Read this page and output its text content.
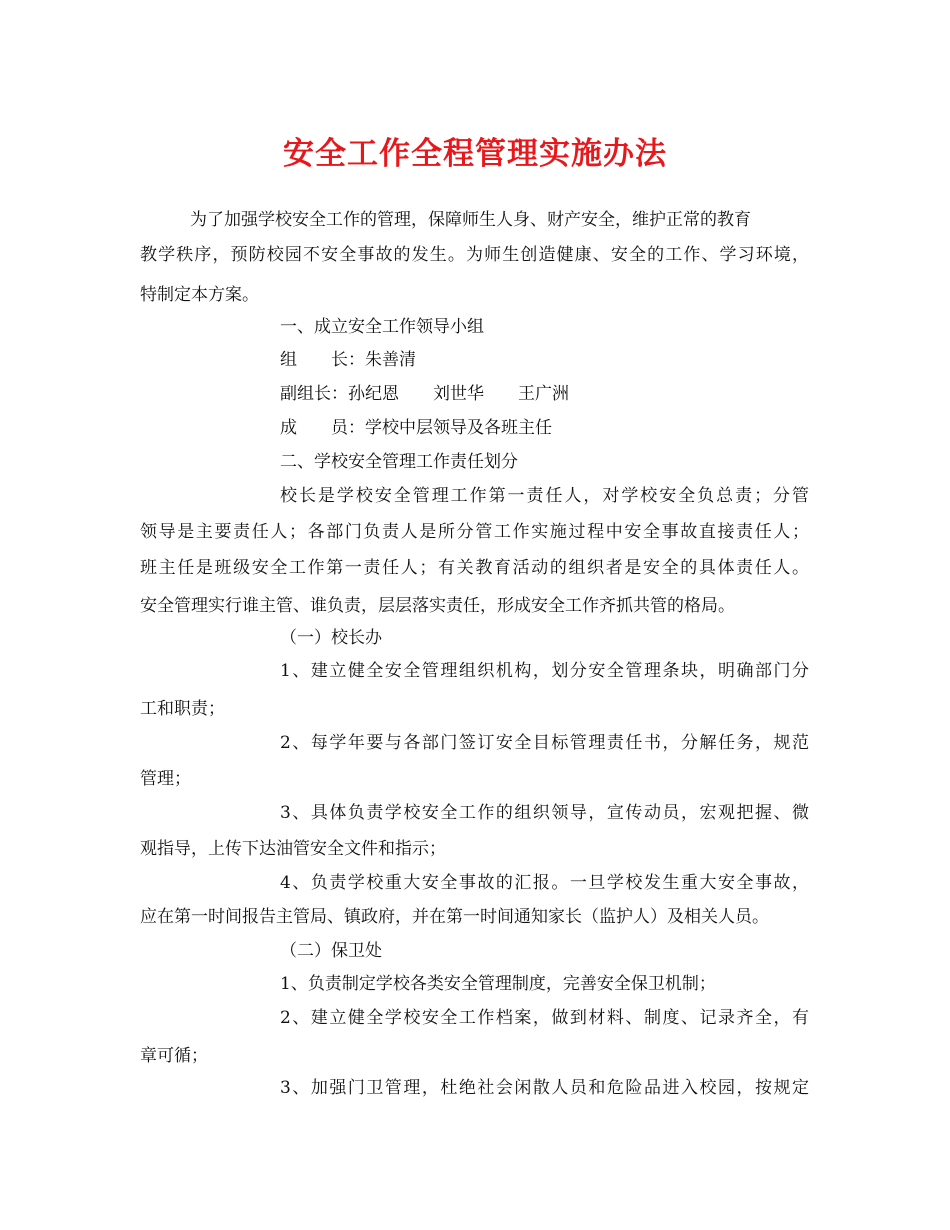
安全工作全程管理实施办法
为了加强学校安全工作的管理，保障师生人身、财产安全，维护正常的教育
教学秩序，预防校园不安全事故的发生。为师生创造健康、安全的工作、学习环境，
特制定本方案。
一、成立安全工作领导小组
组　　长：朱善清
副组长：孙纪恩　　刘世华　　王广洲
成　　员：学校中层领导及各班主任
二、学校安全管理工作责任划分
校长是学校安全管理工作第一责任人，对学校安全负总责；分管
领导是主要责任人；各部门负责人是所分管工作实施过程中安全事故直接责任人；
班主任是班级安全工作第一责任人；有关教育活动的组织者是安全的具体责任人。
安全管理实行谁主管、谁负责，层层落实责任，形成安全工作齐抓共管的格局。
（一）校长办
1、建立健全安全管理组织机构，划分安全管理条块，明确部门分
工和职责；
2、每学年要与各部门签订安全目标管理责任书，分解任务，规范
管理；
3、具体负责学校安全工作的组织领导，宣传动员，宏观把握、微
观指导，上传下达油管安全文件和指示；
4、负责学校重大安全事故的汇报。一旦学校发生重大安全事故，
应在第一时间报告主管局、镇政府，并在第一时间通知家长（监护人）及相关人员。
（二）保卫处
1、负责制定学校各类安全管理制度，完善安全保卫机制；
2、建立健全学校安全工作档案，做到材料、制度、记录齐全，有
章可循；
3、加强门卫管理，杜绝社会闲散人员和危险品进入校园，按规定
